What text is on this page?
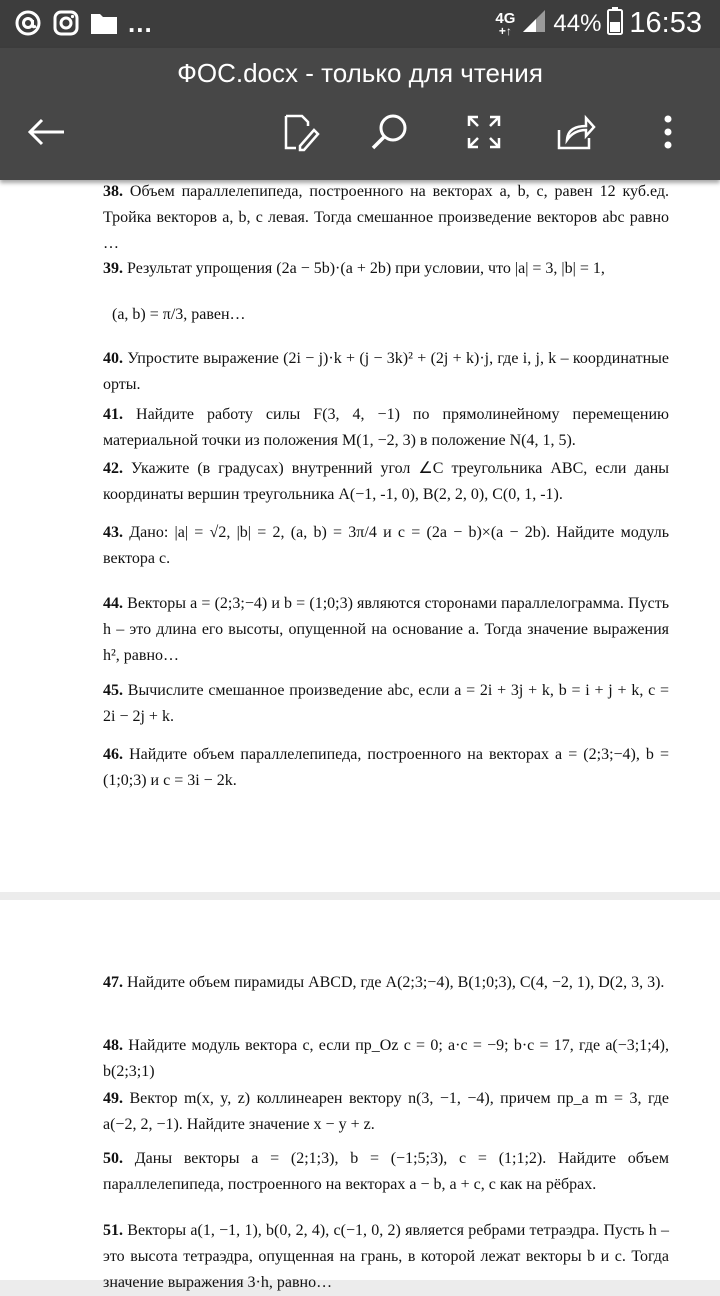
...	4G
+↑ 44% 16:53
ФОС.docx - только для чтения
38. Объем параллелепипеда, построенного на векторах a, b, c, равен 12 куб.ед. Тройка векторов a, b, c левая. Тогда смешанное произведение векторов abc равно …
39. Результат упрощения (2a − 5b)·(a + 2b) при условии, что |a| = 3, |b| = 1,
(a, b) = π/3, равен…
40. Упростите выражение (2i − j)·k + (j − 3k)² + (2j + k)·j, где i, j, k – координатные орты.
41. Найдите работу силы F(3, 4, −1) по прямолинейному перемещению материальной точки из положения M(1, −2, 3) в положение N(4, 1, 5).
42. Укажите (в градусах) внутренний угол ∠C треугольника ABC, если даны координаты вершин треугольника A(−1, -1, 0), B(2, 2, 0), C(0, 1, -1).
43. Дано: |a| = √2, |b| = 2, (a, b) = 3π/4 и c = (2a − b)×(a − 2b). Найдите модуль вектора c.
44. Векторы a = (2;3;−4) и b = (1;0;3) являются сторонами параллелограмма. Пусть h – это длина его высоты, опущенной на основание a. Тогда значение выражения h², равно…
45. Вычислите смешанное произведение abc, если a = 2i + 3j + k, b = i + j + k, c = 2i − 2j + k.
46. Найдите объем параллелепипеда, построенного на векторах a = (2;3;−4), b = (1;0;3) и c = 3i − 2k.
47. Найдите объем пирамиды ABCD, где A(2;3;−4), B(1;0;3), C(4, −2, 1), D(2, 3, 3).
48. Найдите модуль вектора c, если пр_Oz c = 0; a·c = −9; b·c = 17, где a(−3;1;4), b(2;3;1)
49. Вектор m(x, y, z) коллинеарен вектору n(3, −1, −4), причем пр_a m = 3, где a(−2, 2, −1). Найдите значение x − y + z.
50. Даны векторы a = (2;1;3), b = (−1;5;3), c = (1;1;2). Найдите объем параллелепипеда, построенного на векторах a − b, a + c, c как на рёбрах.
51. Векторы a(1, −1, 1), b(0, 2, 4), c(−1, 0, 2) является ребрами тетраэдра. Пусть h – это высота тетраэдра, опущенная на грань, в которой лежат векторы b и c. Тогда значение выражения 3·h, равно…
